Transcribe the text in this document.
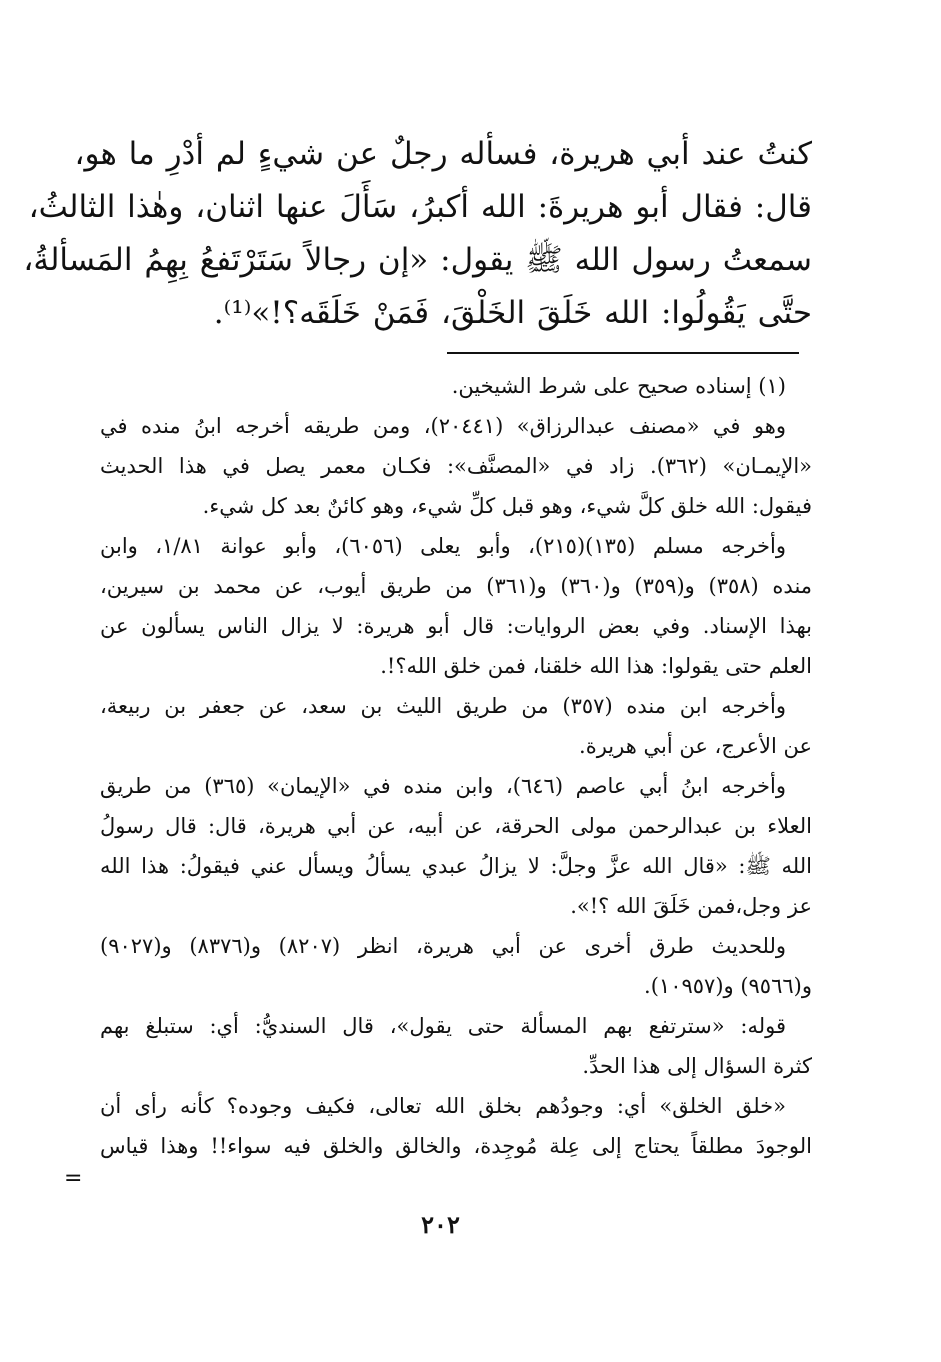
كنتُ عند أبي هريرة، فسأله رجلٌ عن شيءٍ لم أدْرِ ما هو،
قال: فقال أبو هريرةَ: الله أكبرُ، سَأَلَ عنها اثنان، وهٰذا الثالثُ،
سمعتُ رسول الله ﷺ يقول: «إن رجالاً سَتَرْتَفعُ بِهِمُ المَسألةُ،
حتَّى يَقُولُوا: الله خَلَقَ الخَلْقَ، فَمَنْ خَلَقَه؟!»⁽¹⁾.
(١) إسناده صحيح على شرط الشيخين.
وهو في «مصنف عبدالرزاق» (٢٠٤٤١)، ومن طريقه أخرجه ابنُ منده في
«الإيمـان» (٣٦٢). زاد في «المصنَّف»: فكـان معمر يصل في هذا الحديث
فيقول: الله خلق كلَّ شيء، وهو قبل كلِّ شيء، وهو كائنٌ بعد كل شيء.
وأخرجه مسلم (١٣٥)(٢١٥)، وأبو يعلى (٦٠٥٦)، وأبو عوانة ١/٨١، وابن
منده (٣٥٨) و(٣٥٩) و(٣٦٠) و(٣٦١) من طريق أيوب، عن محمد بن سيرين،
بهذا الإسناد. وفي بعض الروايات: قال أبو هريرة: لا يزال الناس يسألون عن
العلم حتى يقولوا: هذا الله خلقنا، فمن خلق الله؟!.
وأخرجه ابن منده (٣٥٧) من طريق الليث بن سعد، عن جعفر بن ربيعة،
عن الأعرج، عن أبي هريرة.
وأخرجه ابنُ أبي عاصم (٦٤٦)، وابن منده في «الإيمان» (٣٦٥) من طريق
العلاء بن عبدالرحمن مولى الحرقة، عن أبيه، عن أبي هريرة، قال: قال رسولُ
الله ﷺ: «قال الله عزَّ وجلَّ: لا يزالُ عبدي يسألُ ويسأل عني فيقولُ: هذا الله
عز وجل،فمن خَلَقَ الله ؟!».
وللحديث طرق أخرى عن أبي هريرة، انظر (٨٢٠٧) و(٨٣٧٦) و(٩٠٢٧)
و(٩٥٦٦) و(١٠٩٥٧).
قوله: «سترتفع بهم المسألة حتى يقول»، قال السنديُّ: أي: ستبلغ بهم
كثرة السؤال إلى هذا الحدِّ.
«خلق الخلق» أي: وجودُهم بخلق الله تعالى، فكيف وجوده؟ كأنه رأى أن
الوجودَ مطلقاً يحتاج إلى عِلة مُوجِدة، والخالق والخلق فيه سواء!! وهذا قياس
=
٢٠٢
